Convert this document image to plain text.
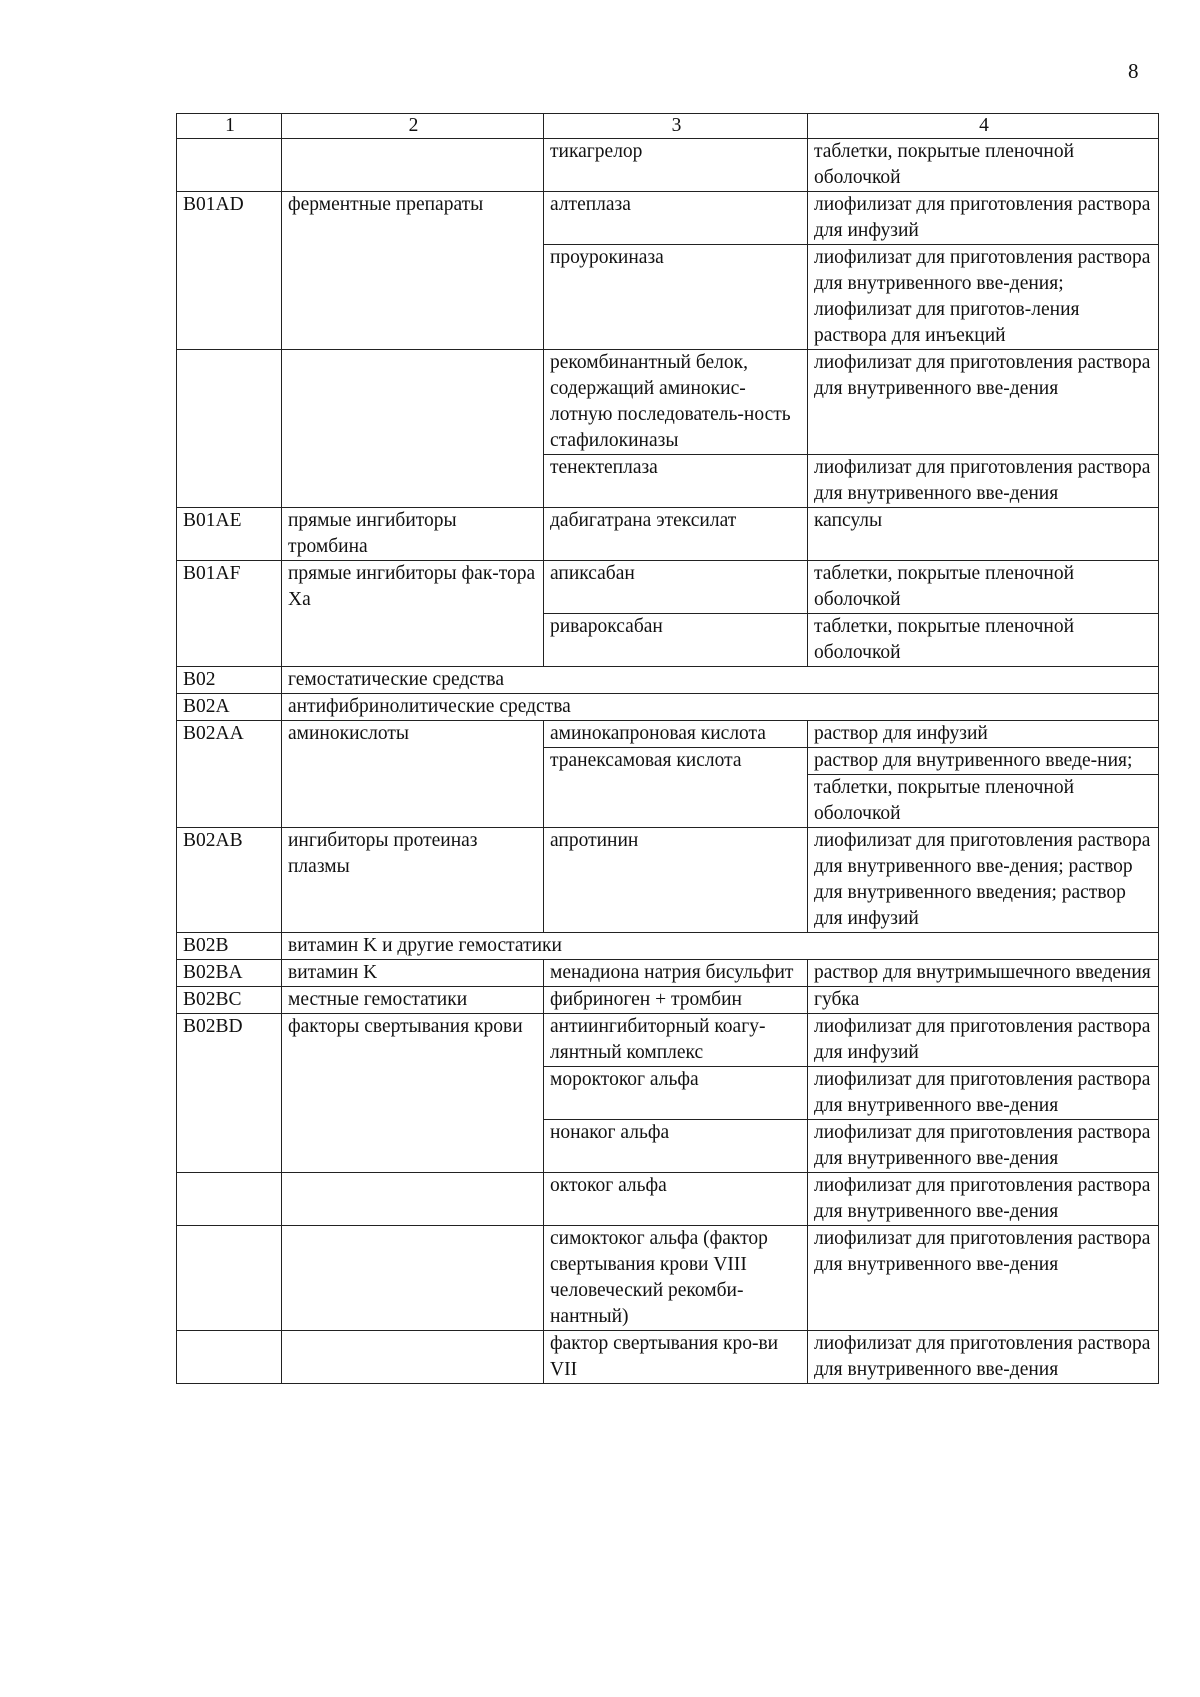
8
1	2	3	4
		тикагрелор	таблетки, покрытые пленочной оболочкой
B01AD	ферментные препараты	алтеплаза	лиофилизат для приготовления раствора для инфузий
		проурокиназа	лиофилизат для приготовления раствора для внутривенного вве-дения; лиофилизат для приготов-ления раствора для инъекций
		рекомбинантный белок, содержащий аминокис-лотную последователь-ность стафилокиназы	лиофилизат для приготовления раствора для внутривенного вве-дения
		тенектеплаза	лиофилизат для приготовления раствора для внутривенного вве-дения
B01AE	прямые ингибиторы тромбина	дабигатрана этексилат	капсулы
B01AF	прямые ингибиторы фак-тора Xa	апиксабан	таблетки, покрытые пленочной оболочкой
		ривароксабан	таблетки, покрытые пленочной оболочкой
B02	гемостатические средства		
B02A	антифибринолитические средства		
B02AA	аминокислоты	аминокапроновая кислота	раствор для инфузий
		транексамовая кислота	раствор для внутривенного введе-ния;
			таблетки, покрытые пленочной оболочкой
B02AB	ингибиторы протеиназ плазмы	апротинин	лиофилизат для приготовления раствора для внутривенного вве-дения; раствор для внутривенного введения; раствор для инфузий
B02B	витамин K и другие гемостатики		
B02BA	витамин K	менадиона натрия бисульфит	раствор для внутримышечного введения
B02BC	местные гемостатики	фибриноген + тромбин	губка
B02BD	факторы свертывания крови	антиингибиторный коагу-лянтный комплекс	лиофилизат для приготовления раствора для инфузий
		мороктоког альфа	лиофилизат для приготовления раствора для внутривенного вве-дения
		нонаког альфа	лиофилизат для приготовления раствора для внутривенного вве-дения
		октоког альфа	лиофилизат для приготовления раствора для внутривенного вве-дения
		симоктоког альфа (фактор свертывания крови VIII человеческий рекомби-нантный)	лиофилизат для приготовления раствора для внутривенного вве-дения
		фактор свертывания кро-ви VII	лиофилизат для приготовления раствора для внутривенного вве-дения
